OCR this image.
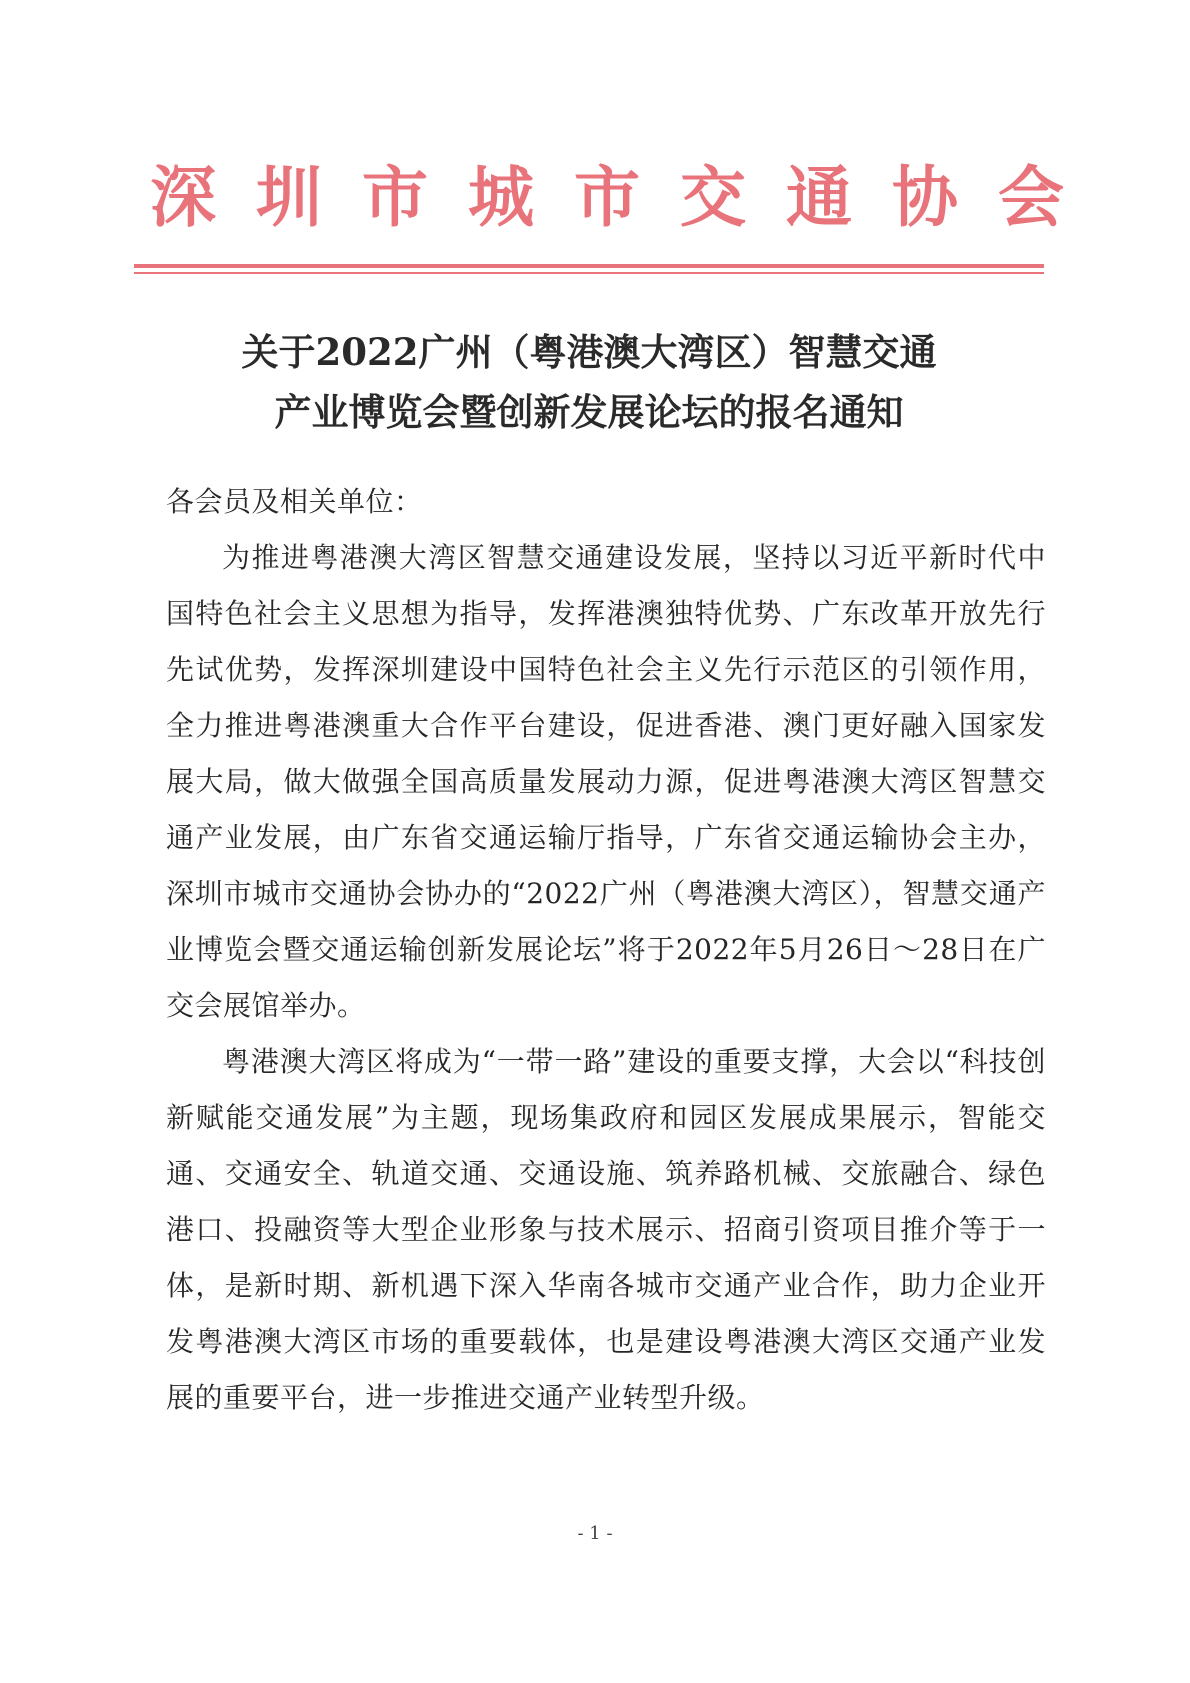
深圳市城市交通协会
关于2022广州（粤港澳大湾区）智慧交通
产业博览会暨创新发展论坛的报名通知

各会员及相关单位：

为推进粤港澳大湾区智慧交通建设发展，坚持以习近平新时代中国特色社会主义思想为指导，发挥港澳独特优势、广东改革开放先行先试优势，发挥深圳建设中国特色社会主义先行示范区的引领作用，全力推进粤港澳重大合作平台建设，促进香港、澳门更好融入国家发展大局，做大做强全国高质量发展动力源，促进粤港澳大湾区智慧交通产业发展，由广东省交通运输厅指导，广东省交通运输协会主办，深圳市城市交通协会协办的“2022广州（粤港澳大湾区），智慧交通产业博览会暨交通运输创新发展论坛”将于2022年5月26日～28日在广交会展馆举办。

粤港澳大湾区将成为“一带一路”建设的重要支撑，大会以“科技创新赋能交通发展”为主题，现场集政府和园区发展成果展示，智能交通、交通安全、轨道交通、交通设施、筑养路机械、交旅融合、绿色港口、投融资等大型企业形象与技术展示、招商引资项目推介等于一体，是新时期、新机遇下深入华南各城市交通产业合作，助力企业开发粤港澳大湾区市场的重要载体，也是建设粤港澳大湾区交通产业发展的重要平台，进一步推进交通产业转型升级。

- 1 -
